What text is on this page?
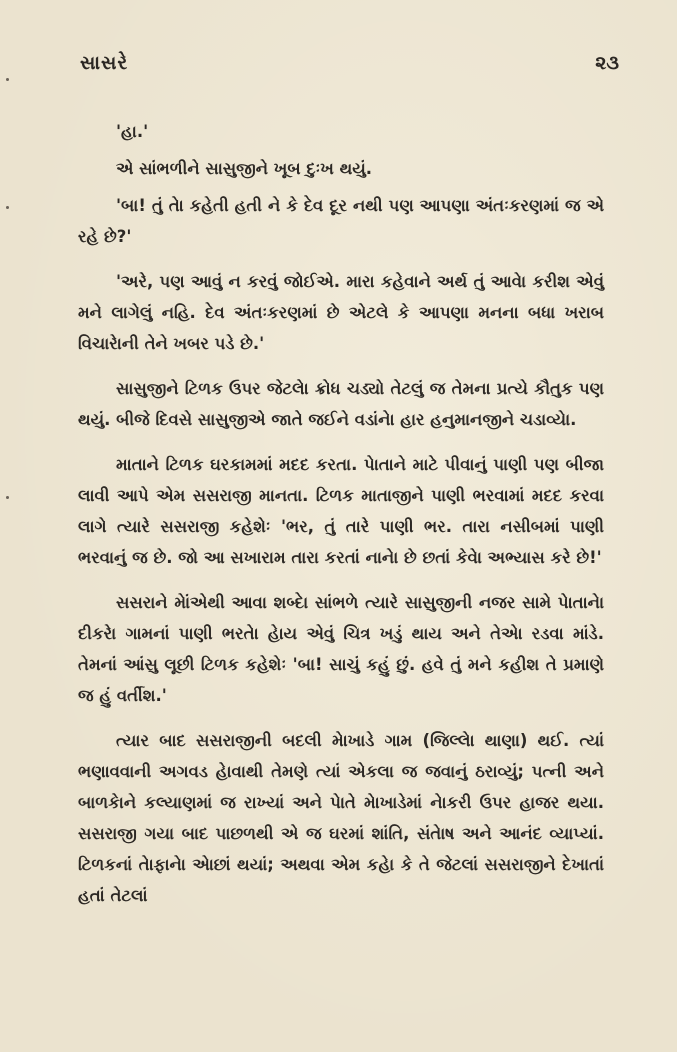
સાસરે	૨૩

'હા.'

એ સાંભળીને સાસુજીને ખૂબ દુઃખ થયું.

'બા! તું તેા કહેતી હતી ને કે દેવ દૂર નથી પણ આપણા અંતઃકરણમાં જ એ રહે છે?'

'અરે, પણ આવું ન કરવું જોઈએ. મારા કહેવાને અર્થ તું આવેા કરીશ એવું મને લાગેલું નહિ. દેવ અંતઃકરણમાં છે એટલે કે આપણા મનના બધા ખરાબ વિચારેાની તેને ખબર પડે છે.'

સાસુજીને ટિળક ઉપર જેટલેા ક્રોધ ચડ્યો તેટલું જ તેમના પ્રત્યે કૌતુક પણ થયું. બીજે દિવસે સાસુજીએ જાતે જઈને વડાંનેા હાર હનુમાનજીને ચડાવ્યેા.

માતાને ટિળક ઘરકામમાં મદદ કરતા. પેાતાને માટે પીવાનું પાણી પણ બીજા લાવી આપે એમ સસરાજી માનતા. ટિળક માતાજીને પાણી ભરવામાં મદદ કરવા લાગે ત્યારે સસરાજી કહેશેઃ 'ભર, તું તારે પાણી ભર. તારા નસીબમાં પાણી ભરવાનું જ છે. જો આ સખારામ તારા કરતાં નાનેા છે છતાં કેવેા અભ્યાસ કરે છે!'

સસરાને મેાંએથી આવા શબ્દેા સાંભળે ત્યારે સાસુજીની નજર સામે પેાતાનેા દીકરેા ગામનાં પાણી ભરતેા હેાય એવું ચિત્ર ખડું થાય અને તેએા રડવા માંડે. તેમનાં આંસુ લૂછી ટિળક કહેશેઃ 'બા! સાચું કહું છું. હવે તું મને કહીશ તે પ્રમાણે જ હું વર્તીશ.'

ત્યાર બાદ સસરાજીની બદલી મેાખાડે ગામ (જિલ્લેા થાણા) થઈ. ત્યાં ભણાવવાની અગવડ હેાવાથી તેમણે ત્યાં એકલા જ જવાનું ઠરાવ્યું; પત્ની અને બાળકેાને કલ્યાણમાં જ રાખ્યાં અને પેાતે મેાખાડેમાં નેાકરી ઉપર હાજર થયા. સસરાજી ગયા બાદ પાછળથી એ જ ઘરમાં શાંતિ, સંતેાષ અને આનંદ વ્યાપ્યાં. ટિળકનાં તેાફાનેા એાછાં થયાં; અથવા એમ કહેા કે તે જેટલાં સસરાજીને દેખાતાં હતાં તેટલાં
